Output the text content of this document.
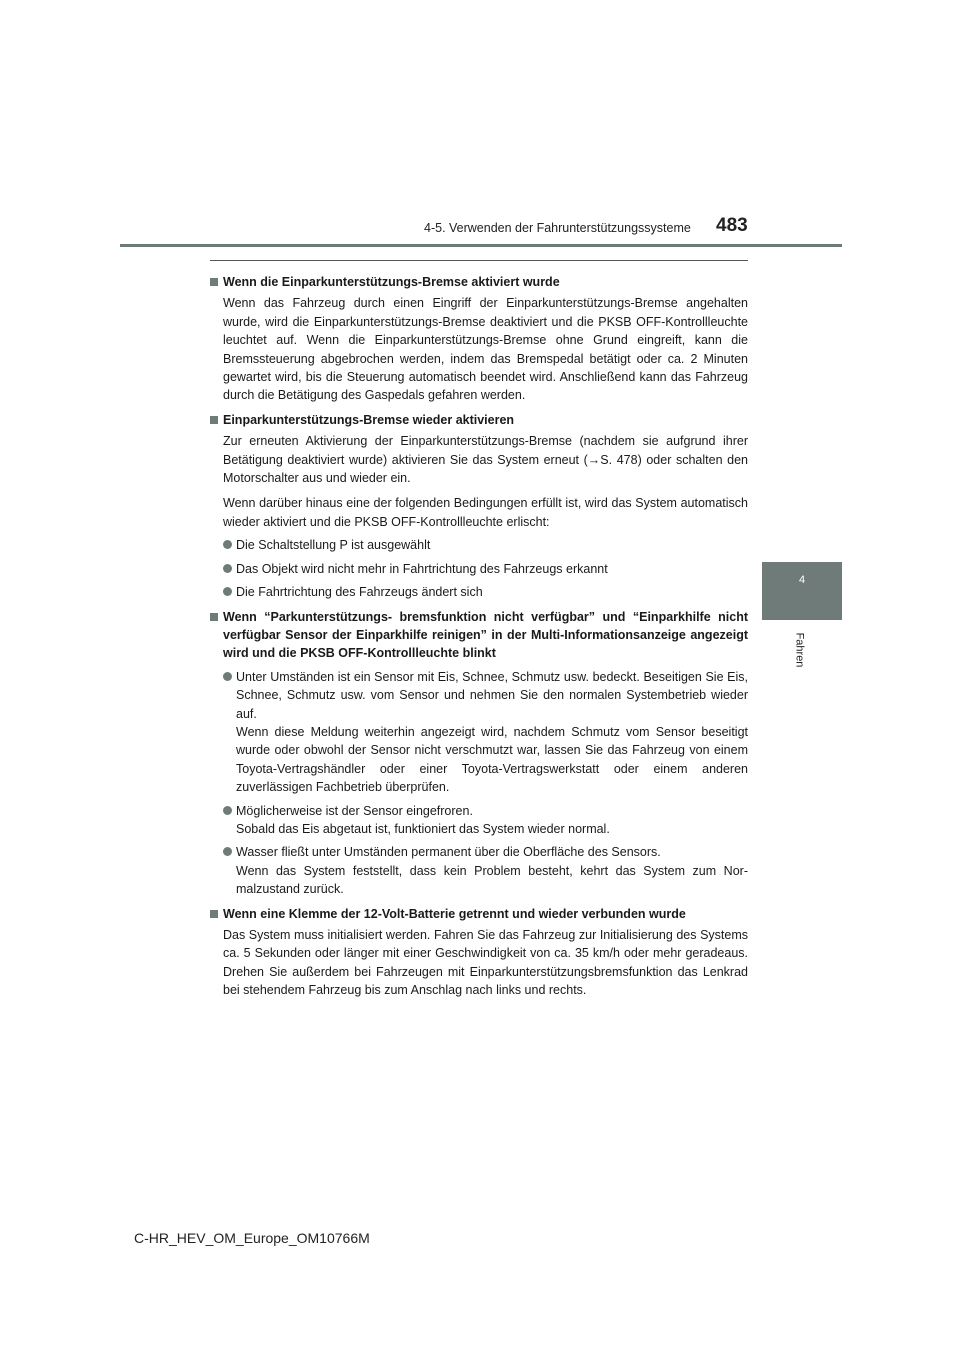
4-5. Verwenden der Fahrunterstützungssysteme 483
4
Fahren
Wenn die Einparkunterstützungs-Bremse aktiviert wurde
Wenn das Fahrzeug durch einen Eingriff der Einparkunterstützungs-Bremse angehalten wurde, wird die Einparkunterstützungs-Bremse deaktiviert und die PKSB OFF-Kontrollleuchte leuchtet auf. Wenn die Einparkunterstützungs-Bremse ohne Grund eingreift, kann die Bremssteuerung abgebrochen werden, indem das Bremspedal betätigt oder ca. 2 Minuten gewartet wird, bis die Steuerung automatisch beendet wird. Anschließend kann das Fahrzeug durch die Betätigung des Gaspedals gefahren werden.
Einparkunterstützungs-Bremse wieder aktivieren
Zur erneuten Aktivierung der Einparkunterstützungs-Bremse (nachdem sie aufgrund ihrer Betätigung deaktiviert wurde) aktivieren Sie das System erneut (→S. 478) oder schalten den Motorschalter aus und wieder ein.
Wenn darüber hinaus eine der folgenden Bedingungen erfüllt ist, wird das System automatisch wieder aktiviert und die PKSB OFF-Kontrollleuchte erlischt:
Die Schaltstellung P ist ausgewählt
Das Objekt wird nicht mehr in Fahrtrichtung des Fahrzeugs erkannt
Die Fahrtrichtung des Fahrzeugs ändert sich
Wenn “Parkunterstützungs- bremsfunktion nicht verfügbar” und “Einparkhilfe nicht verfügbar Sensor der Einparkhilfe reinigen” in der Multi-Informationsanzeige angezeigt wird und die PKSB OFF-Kontrollleuchte blinkt
Unter Umständen ist ein Sensor mit Eis, Schnee, Schmutz usw. bedeckt. Beseitigen Sie Eis, Schnee, Schmutz usw. vom Sensor und nehmen Sie den normalen Systembetrieb wieder auf.
Wenn diese Meldung weiterhin angezeigt wird, nachdem Schmutz vom Sensor beseitigt wurde oder obwohl der Sensor nicht verschmutzt war, lassen Sie das Fahrzeug von einem Toyota-Vertragshändler oder einer Toyota-Vertragswerkstatt oder einem anderen zuverlässigen Fachbetrieb überprüfen.
Möglicherweise ist der Sensor eingefroren.
Sobald das Eis abgetaut ist, funktioniert das System wieder normal.
Wasser fließt unter Umständen permanent über die Oberfläche des Sensors.
Wenn das System feststellt, dass kein Problem besteht, kehrt das System zum Normalzustand zurück.
Wenn eine Klemme der 12-Volt-Batterie getrennt und wieder verbunden wurde
Das System muss initialisiert werden. Fahren Sie das Fahrzeug zur Initialisierung des Systems ca. 5 Sekunden oder länger mit einer Geschwindigkeit von ca. 35 km/h oder mehr geradeaus. Drehen Sie außerdem bei Fahrzeugen mit Einparkunterstützungsbremsfunktion das Lenkrad bei stehendem Fahrzeug bis zum Anschlag nach links und rechts.
C-HR_HEV_OM_Europe_OM10766M
